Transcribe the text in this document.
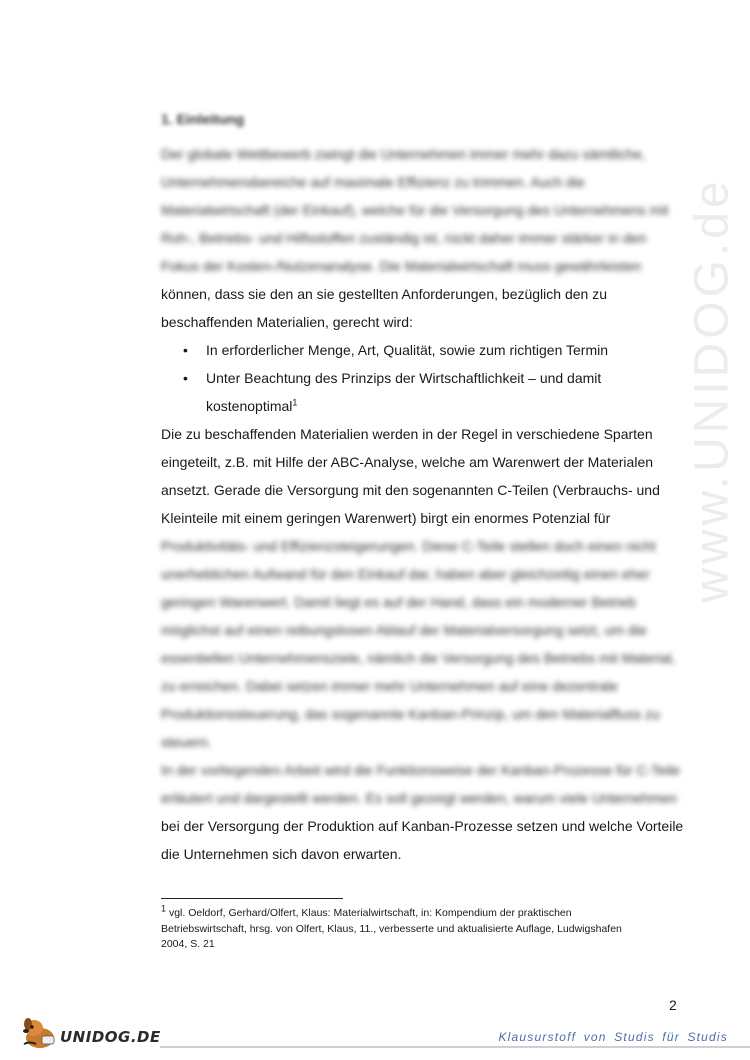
www.UNIDOG.de
1. Einleitung
Der globale Wettbewerb zwingt die Unternehmen immer mehr dazu sämtliche,
Unternehmensbereiche auf maximale Effizienz zu trimmen. Auch die
Materialwirtschaft (der Einkauf), welche für die Versorgung des Unternehmens mit
Roh-, Betriebs- und Hilfsstoffen zuständig ist, rückt daher immer stärker in den
Fokus der Kosten-/Nutzenanalyse. Die Materialwirtschaft muss gewährleisten
können, dass sie den an sie gestellten Anforderungen, bezüglich den zu
beschaffenden Materialien, gerecht wird:
• In erforderlicher Menge, Art, Qualität, sowie zum richtigen Termin
• Unter Beachtung des Prinzips der Wirtschaftlichkeit – und damit
kostenoptimal$^1$
Die zu beschaffenden Materialien werden in der Regel in verschiedene Sparten
eingeteilt, z.B. mit Hilfe der ABC-Analyse, welche am Warenwert der Materialen
ansetzt. Gerade die Versorgung mit den sogenannten C-Teilen (Verbrauchs- und
Kleinteile mit einem geringen Warenwert) birgt ein enormes Potenzial für
Produktivitäts- und Effizienzsteigerungen. Diese C-Teile stellen doch einen nicht
unerheblichen Aufwand für den Einkauf dar, haben aber gleichzeitig einen eher
geringen Warenwert. Damit liegt es auf der Hand, dass ein moderner Betrieb
möglichst auf einen reibungslosen Ablauf der Materialversorgung setzt, um die
essentiellen Unternehmensziele, nämlich die Versorgung des Betriebs mit Material,
zu erreichen. Dabei setzen immer mehr Unternehmen auf eine dezentrale
Produktionssteuerung, das sogenannte Kanban-Prinzip, um den Materialfluss zu
steuern.
In der vorliegenden Arbeit wird die Funktionsweise der Kanban-Prozesse für C-Teile
erläutert und dargestellt werden. Es soll gezeigt werden, warum viele Unternehmen
bei der Versorgung der Produktion auf Kanban-Prozesse setzen und welche Vorteile
die Unternehmen sich davon erwarten.
$^1$ vgl. Oeldorf, Gerhard/Olfert, Klaus: Materialwirtschaft, in: Kompendium der praktischen
Betriebswirtschaft, hrsg. von Olfert, Klaus, 11., verbesserte und aktualisierte Auflage, Ludwigshafen
2004, S. 21
2
UNIDOG.DE	Klausurstoff von Studis für Studis
